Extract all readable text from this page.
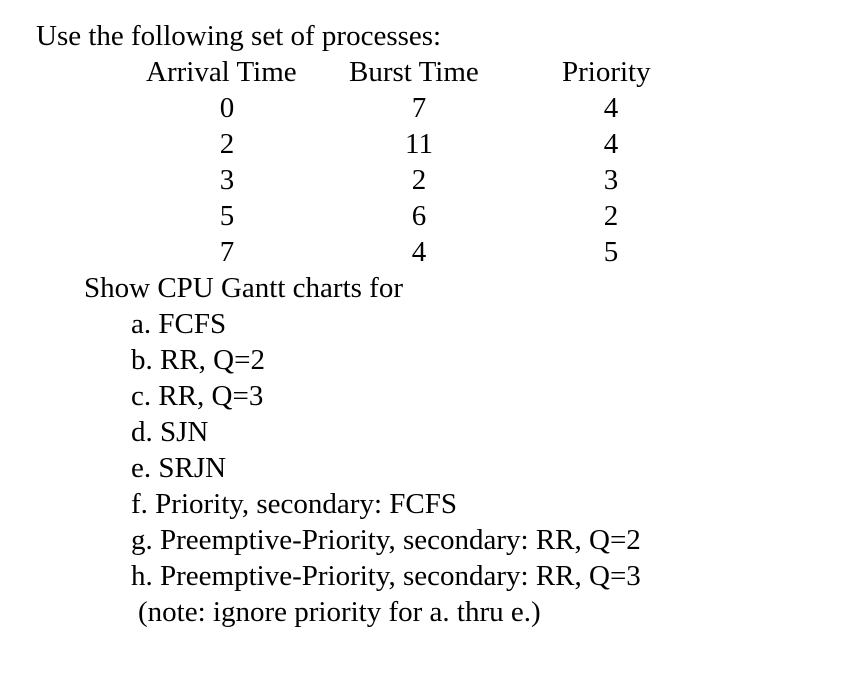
Use the following set of processes:
Arrival Time Burst Time	Priority
0
2
3
5
7
7
11
2
6
4
4
4
3
2
5
Show CPU Gantt charts for
a. FCFS
b. RR, Q=2
c. RR, Q=3
d. SJN
e. SRJN
f. Priority, secondary: FCFS
g. Preemptive-Priority, secondary: RR, Q=2
h. Preemptive-Priority, secondary: RR, Q=3
(note: ignore priority for a. thru e.)
